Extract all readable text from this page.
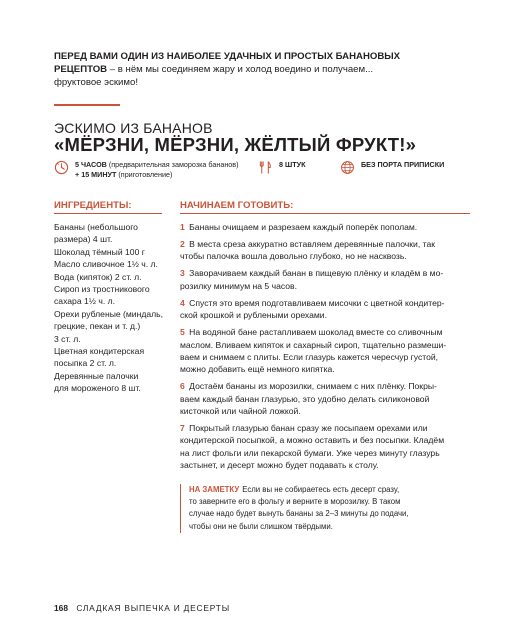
ПЕРЕД ВАМИ ОДИН ИЗ НАИБОЛЕЕ УДАЧНЫХ И ПРОСТЫХ БАНАНОВЫХ
РЕЦЕПТОВ – в нём мы соединяем жару и холод воедино и получаем...
фруктовое эскимо!
ЭСКИМО ИЗ БАНАНОВ
«МЁРЗНИ, МЁРЗНИ, ЖЁЛТЫЙ ФРУКТ!»
5 ЧАСОВ (предварительная заморозка бананов)
+ 15 МИНУТ (приготовление)
8 ШТУК	БЕЗ ПОРТА ПРИПИСКИ
ИНГРЕДИЕНТЫ:	НАЧИНАЕМ ГОТОВИТЬ:
Бананы (небольшого
размера) 4 шт.
Шоколад тёмный 100 г
Масло сливочное 1½ ч. л.
Вода (кипяток) 2 ст. л.
Сироп из тростникового
сахара 1½ ч. л.
Орехи рубленые (миндаль,
грецкие, пекан и т. д.)
3 ст. л.
Цветная кондитерская
посыпка 2 ст. л.
Деревянные палочки
для мороженого 8 шт.
1 Бананы очищаем и разрезаем каждый поперёк пополам.
2 В места среза аккуратно вставляем деревянные палочки, так
чтобы палочка вошла довольно глубоко, но не насквозь.
3 Заворачиваем каждый банан в пищевую плёнку и кладём в мо-
розилку минимум на 5 часов.
4 Спустя это время подготавливаем мисочки с цветной кондитер-
ской крошкой и рублеными орехами.
5 На водяной бане растапливаем шоколад вместе со сливочным
маслом. Вливаем кипяток и сахарный сироп, тщательно размеши-
ваем и снимаем с плиты. Если глазурь кажется чересчур густой,
можно добавить ещё немного кипятка.
6 Достаём бананы из морозилки, снимаем с них плёнку. Покры-
ваем каждый банан глазурью, это удобно делать силиконовой
кисточкой или чайной ложкой.
7 Покрытый глазурью банан сразу же посыпаем орехами или
кондитерской посыпкой, а можно оставить и без посыпки. Кладём
на лист фольги или пекарской бумаги. Уже через минуту глазурь
застынет, и десерт можно будет подавать к столу.
НА ЗАМЕТКУ Если вы не собираетесь есть десерт сразу,
то заверните его в фольгу и верните в морозилку. В таком
случае надо будет вынуть бананы за 2–3 минуты до подачи,
чтобы они не были слишком твёрдыми.
168 СЛАДКАЯ ВЫПЕЧКА И ДЕСЕРТЫ
